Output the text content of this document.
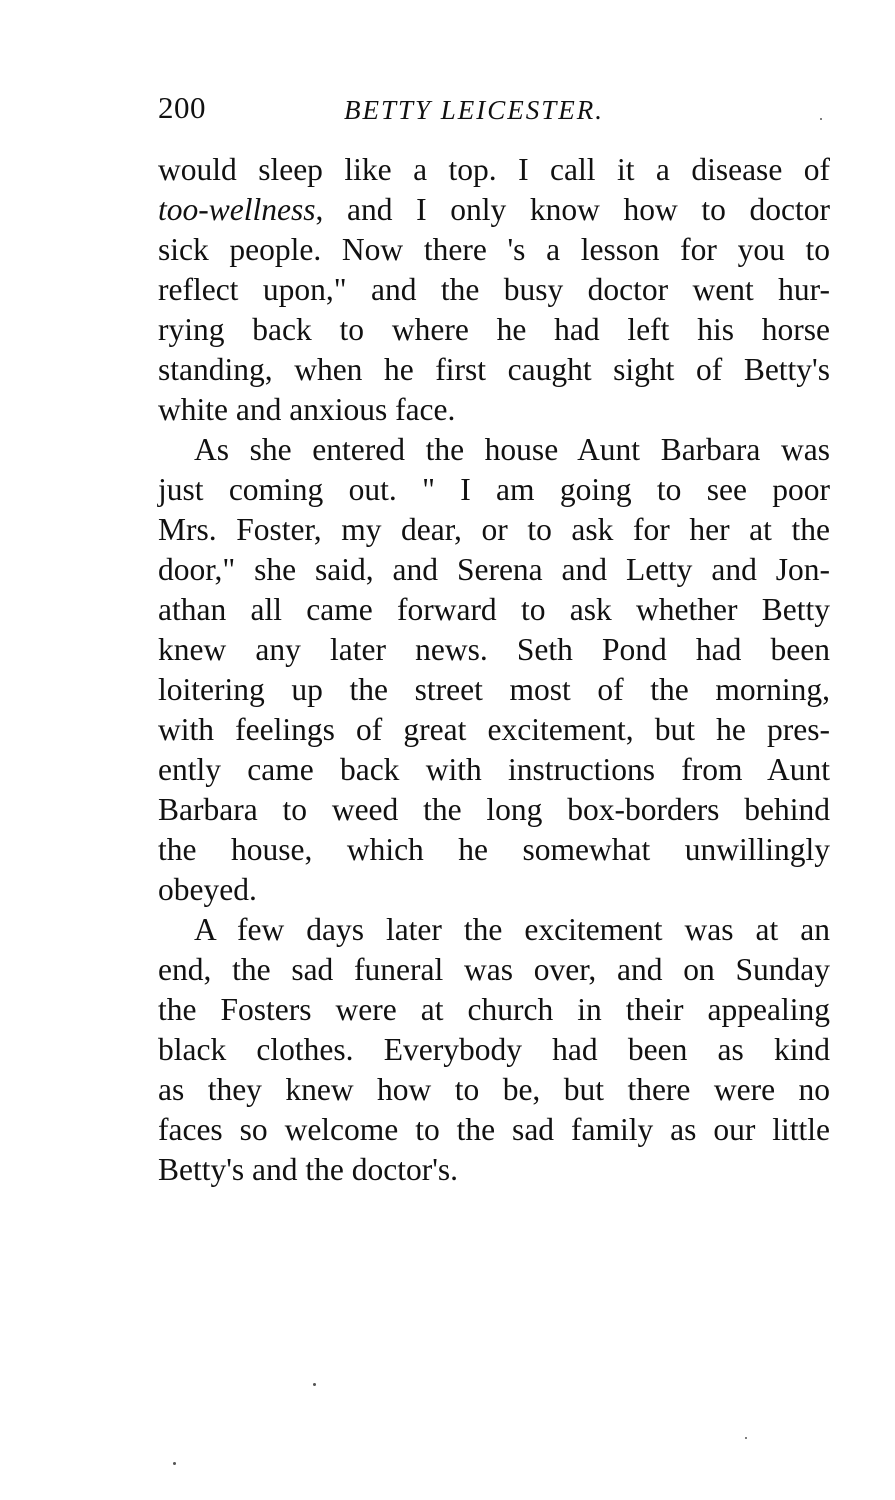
200	BETTY LEICESTER.
would sleep like a top. I call it a disease of
too-wellness, and I only know how to doctor
sick people. Now there 's a lesson for you to
reflect upon," and the busy doctor went hur-
rying back to where he had left his horse
standing, when he first caught sight of Betty's
white and anxious face.
As she entered the house Aunt Barbara was
just coming out. " I am going to see poor
Mrs. Foster, my dear, or to ask for her at the
door," she said, and Serena and Letty and Jon-
athan all came forward to ask whether Betty
knew any later news. Seth Pond had been
loitering up the street most of the morning,
with feelings of great excitement, but he pres-
ently came back with instructions from Aunt
Barbara to weed the long box-borders behind
the house, which he somewhat unwillingly
obeyed.
A few days later the excitement was at an
end, the sad funeral was over, and on Sunday
the Fosters were at church in their appealing
black clothes. Everybody had been as kind
as they knew how to be, but there were no
faces so welcome to the sad family as our little
Betty's and the doctor's.
